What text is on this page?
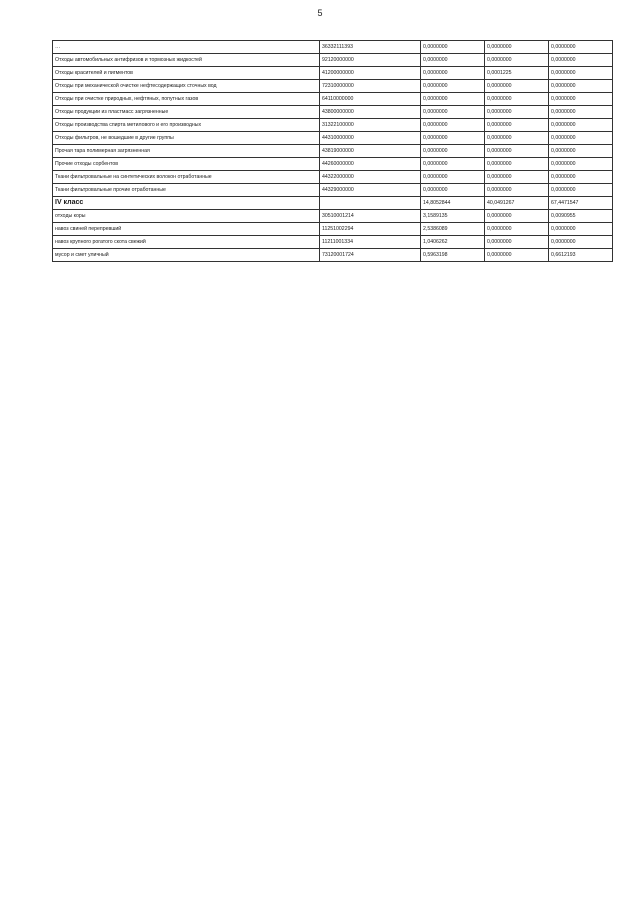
5
…	36332111393	0,0000000	0,0000000	0,0000000
Отходы автомобильных антифризов и тормозных жидкостей	92120000000	0,0000000	0,0000000	0,0000000
Отходы красителей и пигментов	41200000000	0,0000000	0,0001225	0,0000000
Отходы при механической очистке нефтесодержащих сточных вод	72310000000	0,0000000	0,0000000	0,0000000
Отходы при очистке природных, нефтяных, попутных газов	64110000000	0,0000000	0,0000000	0,0000000
Отходы продукции из пластмасс загрязненные	43800000000	0,0000000	0,0000000	0,0000000
Отходы производства спирта метилового и его производных	31322100000	0,0000000	0,0000000	0,0000000
Отходы фильтров, не вошедшие в другие группы	44310000000	0,0000000	0,0000000	0,0000000
Прочая тара полимерная загрязненная	43819000000	0,0000000	0,0000000	0,0000000
Прочие отходы сорбентов	44260000000	0,0000000	0,0000000	0,0000000
Ткани фильтровальные на синтетических волокон отработанные	44322000000	0,0000000	0,0000000	0,0000000
Ткани фильтровальные прочие отработанные	44329000000	0,0000000	0,0000000	0,0000000
IV класс		14,8052844	40,0491267	67,4471547
отходы коры	30510001214	3,1589135	0,0000000	0,0090955
навоз свиней перепревший	11251002294	2,5386089	0,0000000	0,0000000
навоз крупного рогатого скота свежий	11211001334	1,0406262	0,0000000	0,0000000
мусор и смет уличный	73120001724	0,5963198	0,0000000	0,6612193
